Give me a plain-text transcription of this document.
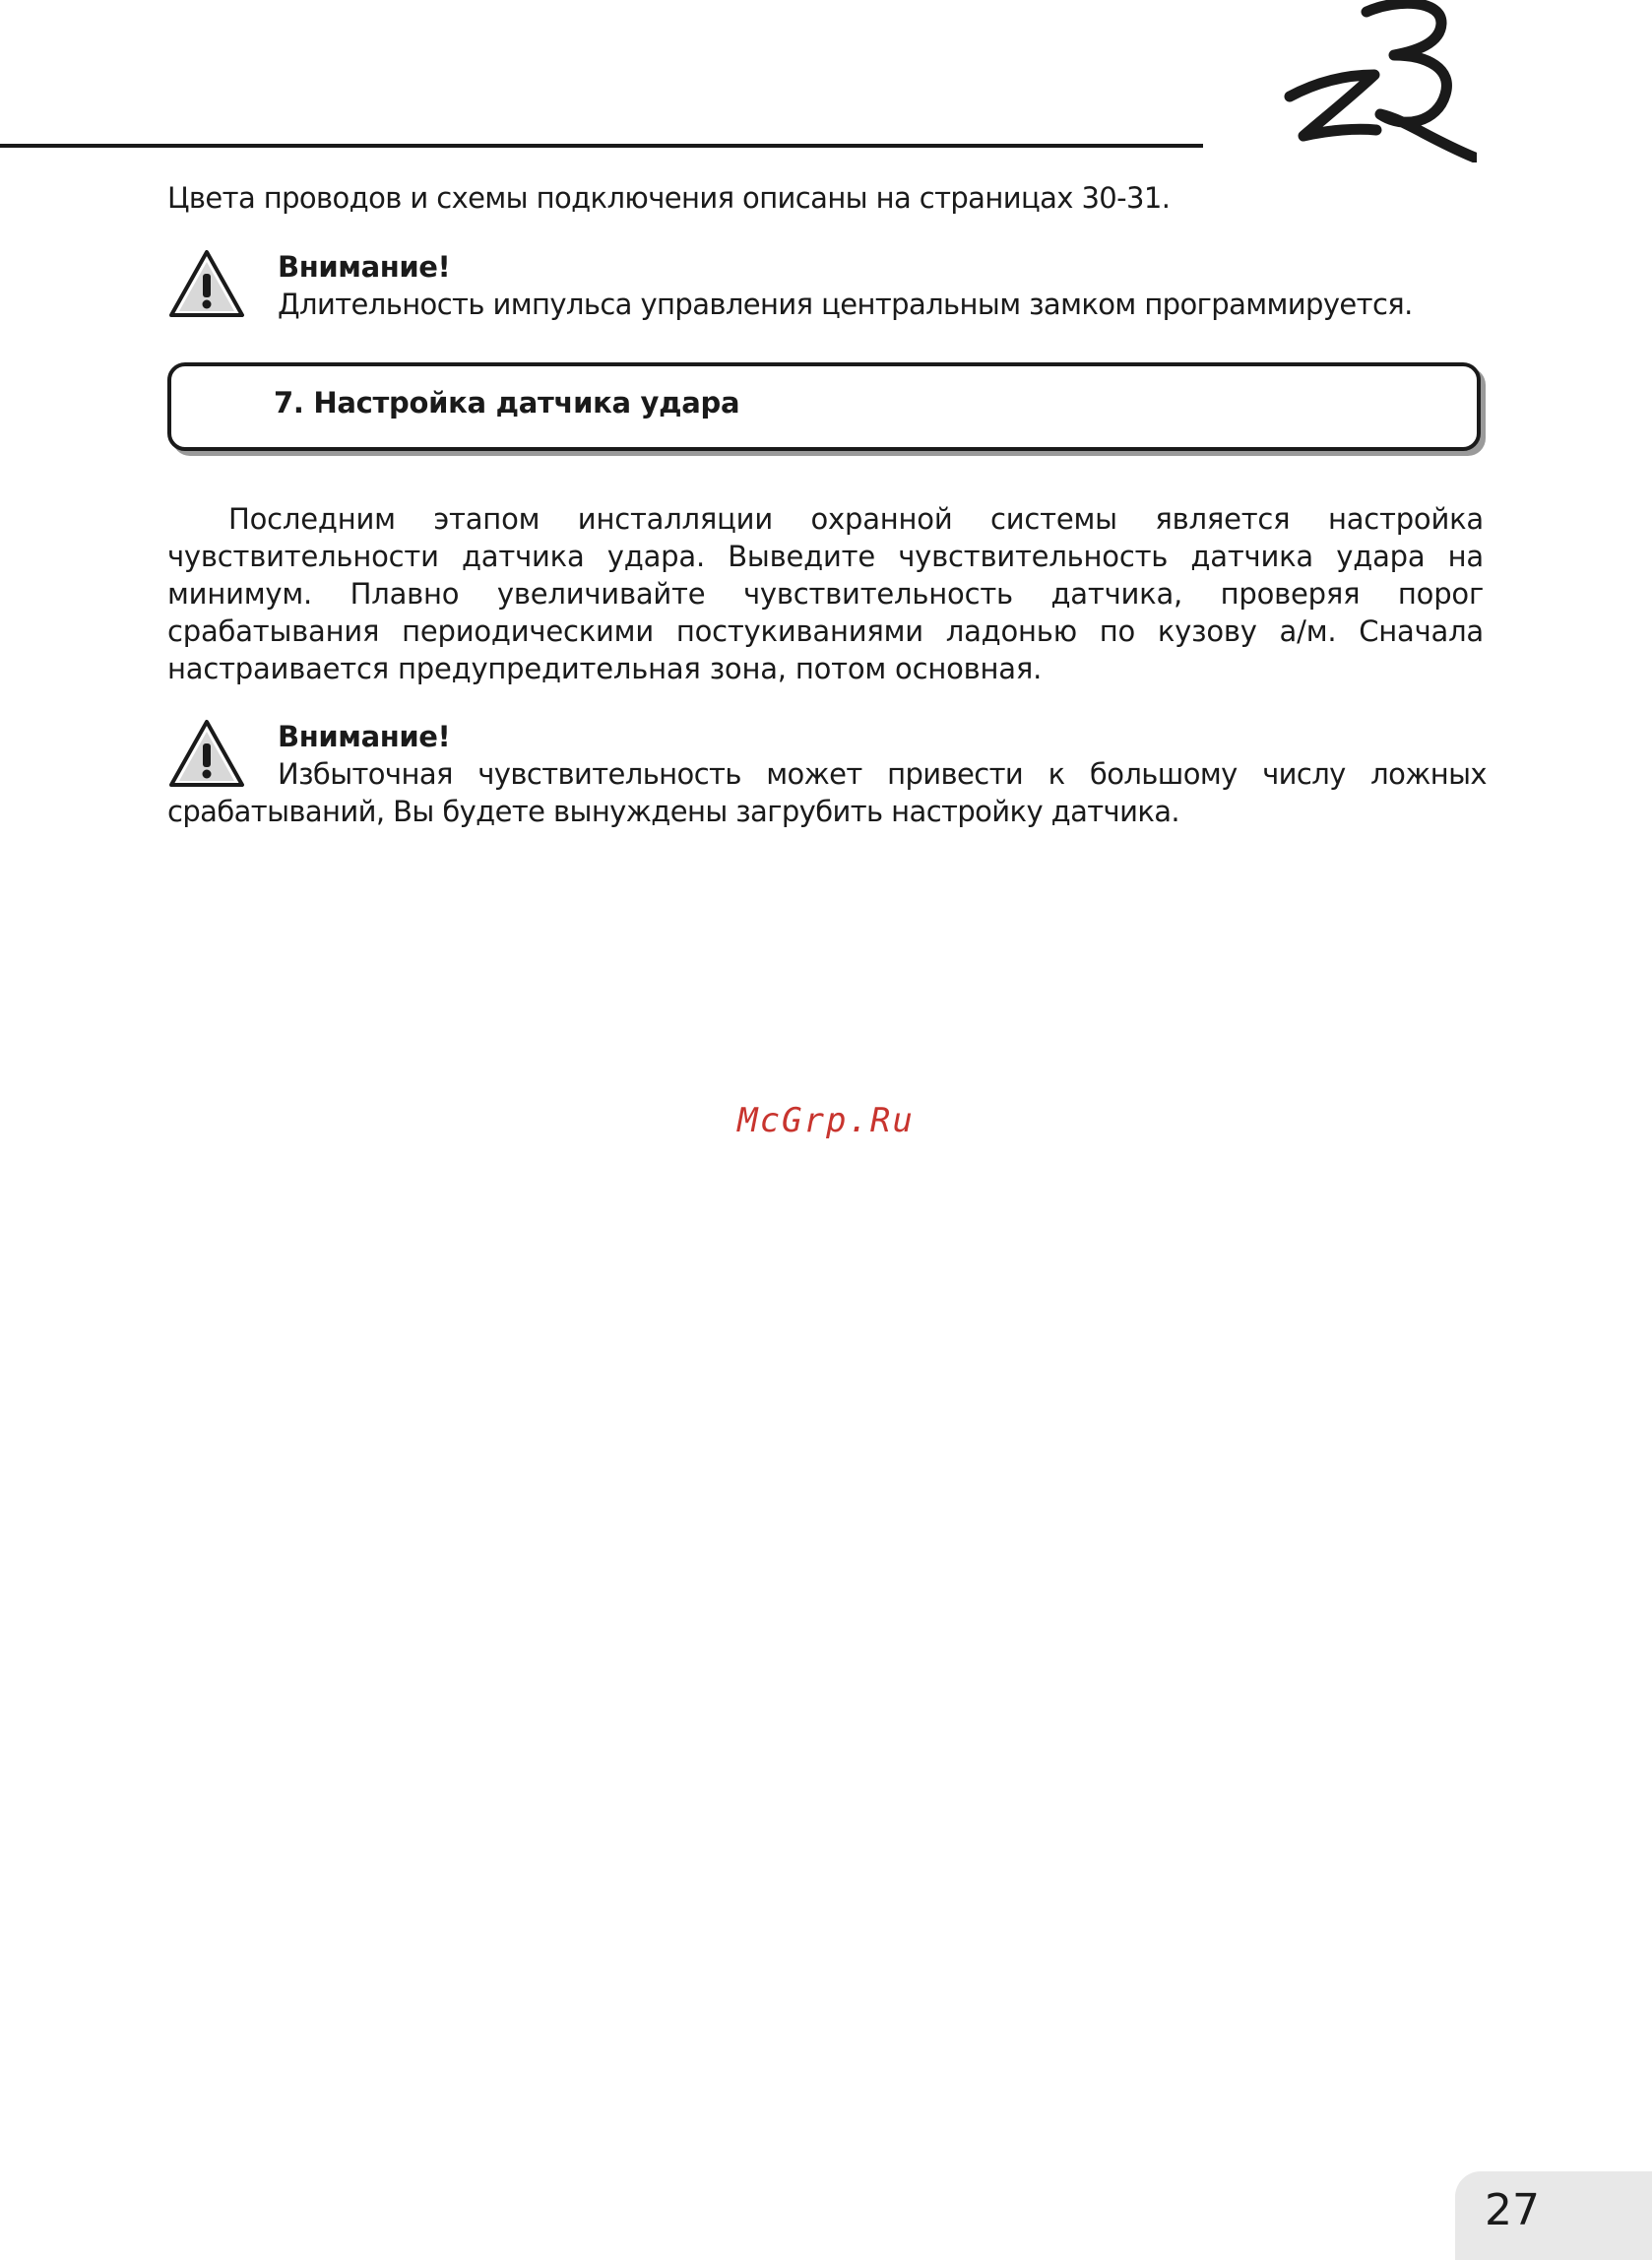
Цвета проводов и схемы подключения описаны на страницах 30-31.

Внимание!

Длительность импульса управления центральным замком программируется.

7. Настройка датчика удара

Последним этапом инсталляции охранной системы является настройка чувствительности датчика удара. Выведите чувствительность датчика удара на минимум. Плавно увеличивайте чувствительность датчика, проверяя порог срабатывания периодическими постукиваниями ладонью по кузову а/м. Сначала настраивается предупредительная зона, потом основная.

Внимание!

Избыточная чувствительность может привести к большому числу ложных срабатываний, Вы будете вынуждены загрубить настройку датчика.

McGrp.Ru

27
